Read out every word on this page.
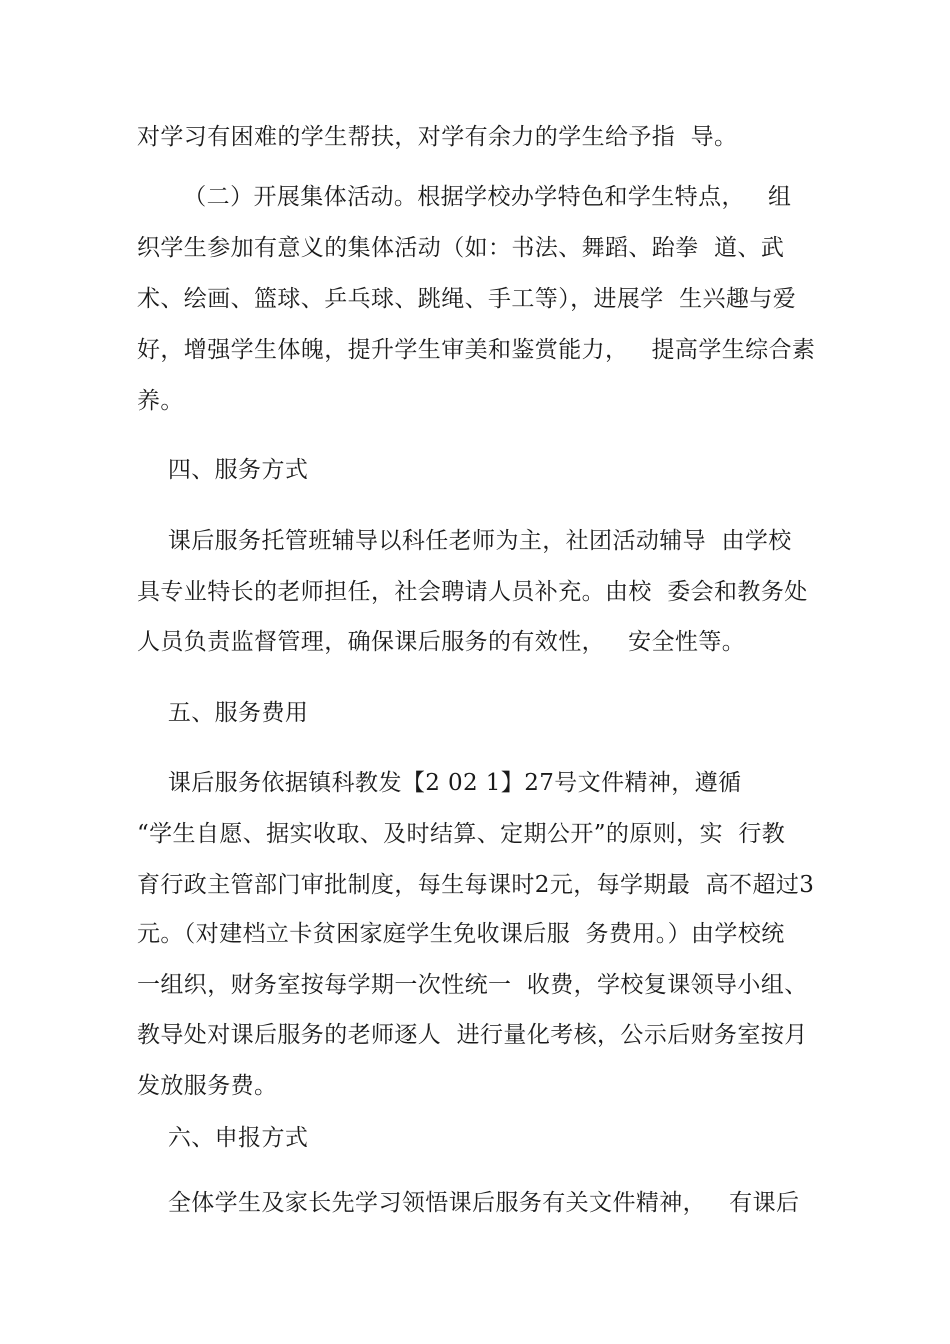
对学习有困难的学生帮扶，对学有余力的学生给予指  导。
（二）开展集体活动。根据学校办学特色和学生特点，   组
织学生参加有意义的集体活动（如：书法、舞蹈、跆拳  道、武
术、绘画、篮球、乒乓球、跳绳、手工等），进展学  生兴趣与爱
好，增强学生体魄，提升学生审美和鉴赏能力，   提高学生综合素
养。
四、服务方式
课后服务托管班辅导以科任老师为主，社团活动辅导  由学校
具专业特长的老师担任，社会聘请人员补充。由校  委会和教务处
人员负责监督管理，确保课后服务的有效性，   安全性等。
五、服务费用
课后服务依据镇科教发【2 02 1】27号文件精神，遵循
“学生自愿、据实收取、及时结算、定期公开”的原则，实  行教
育行政主管部门审批制度，每生每课时2元，每学期最  高不超过3
元。（对建档立卡贫困家庭学生免收课后服  务费用。）由学校统
一组织，财务室按每学期一次性统一  收费，学校复课领导小组、
教导处对课后服务的老师逐人  进行量化考核，公示后财务室按月
发放服务费。
六、申报方式
全体学生及家长先学习领悟课后服务有关文件精神，   有课后
